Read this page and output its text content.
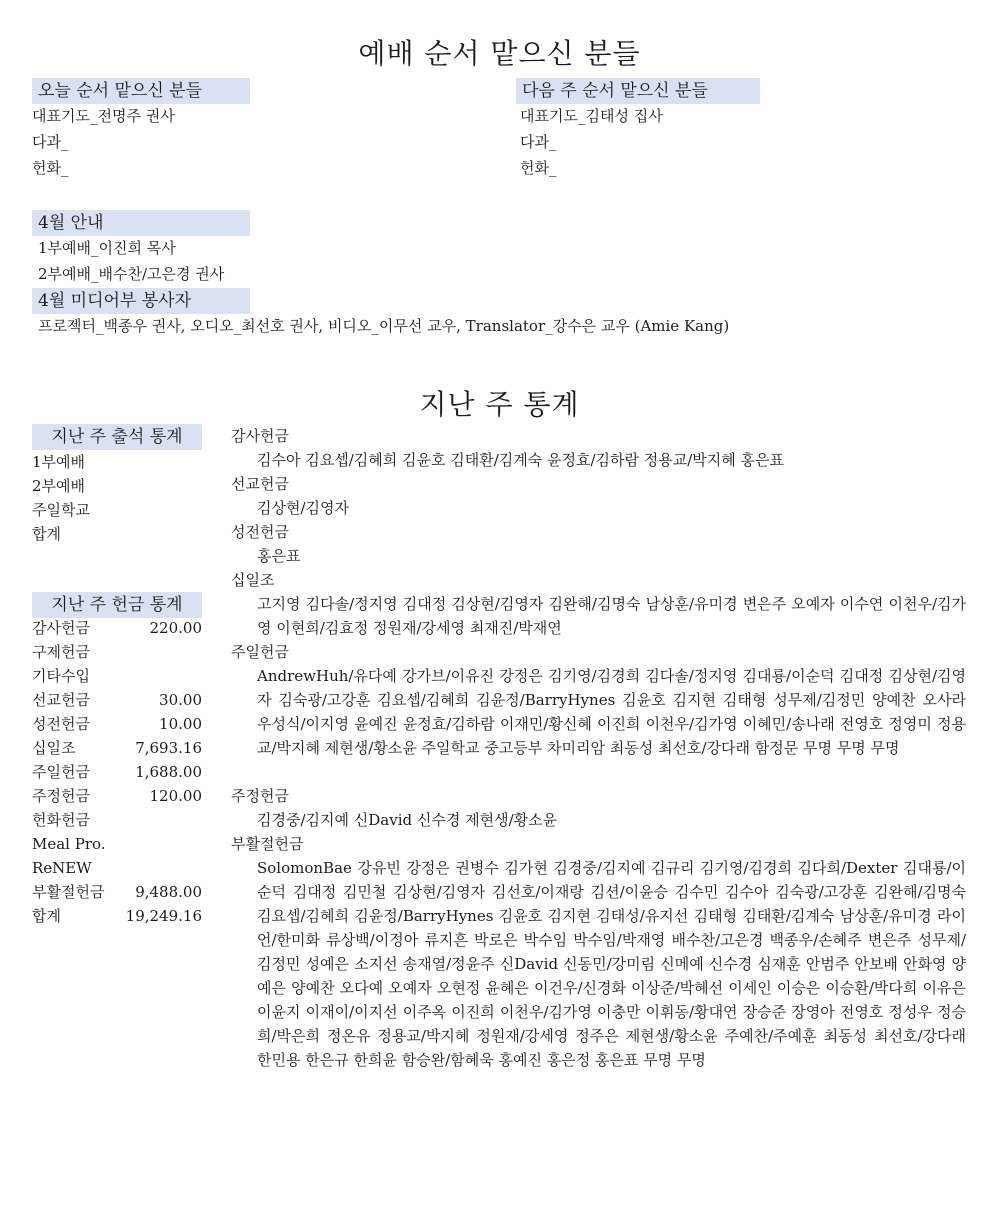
예배 순서 맡으신 분들
오늘 순서 맡으신 분들
대표기도_전명주 권사
다과_
헌화_
다음 주 순서 맡으신 분들
대표기도_김태성 집사
다과_
헌화_
4월 안내
1부예배_이진희 목사
2부예배_배수찬/고은경 권사
4월 미디어부 봉사자
프로젝터_백종우 권사, 오디오_최선호 권사, 비디오_이무선 교우, Translator_강수은 교우 (Amie Kang)
지난 주 통계
지난 주 출석 통계
1부예배
2부예배
주일학교
합계
지난 주 헌금 통계
감사헌금	220.00
구제헌금
기타수입
선교헌금	30.00
성전헌금	10.00
십일조	7,693.16
주일헌금	1,688.00
주정헌금	120.00
헌화헌금
Meal Pro.
ReNEW
부활절헌금 9,488.00
합계	19,249.16
감사헌금
김수아 김요셉/김혜희 김윤호 김태환/김계숙 윤정효/김하람 정용교/박지혜 홍은표
선교헌금
김상현/김영자
성전헌금
홍은표
십일조
고지영 김다솔/정지영 김대정 김상현/김영자 김완해/김명숙 남상훈/유미경 변은주 오예자 이수연 이천우/김가영 이현희/김효정 정원재/강세영 최재진/박재연
주일헌금
AndrewHuh/유다예 강가브/이유진 강정은 김기영/김경희 김다솔/정지영 김대룡/이순덕 김대정 김상현/김영자 김숙광/고강훈 김요셉/김혜희 김윤정/BarryHynes 김윤호 김지현 김태형 성무제/김정민 양예찬 오사라 우성식/이지영 윤예진 윤정효/김하람 이재민/황신혜 이진희 이천우/김가영 이혜민/송나래 전영호 정영미 정용교/박지혜 제현생/황소윤 주일학교 중고등부 차미리암 최동성 최선호/강다래 함정문 무명 무명 무명
주정헌금
김경중/김지예 신David 신수경 제현생/황소윤
부활절헌금
SolomonBae 강유빈 강정은 권병수 김가현 김경중/김지예 김규리 김기영/김경희 김다희/Dexter 김대룡/이순덕 김대정 김민철 김상현/김영자 김선호/이재랑 김션/이윤승 김수민 김수아 김숙광/고강훈 김완해/김명숙 김요셉/김혜희 김윤정/BarryHynes 김윤호 김지현 김태성/유지선 김태형 김태환/김계숙 남상훈/유미경 라이언/한미화 류상백/이정아 류지흔 박로은 박수임 박수임/박재영 배수찬/고은경 백종우/손혜주 변은주 성무제/김정민 성예은 소지선 송재열/정윤주 신David 신동민/강미림 신메예 신수경 심재훈 안범주 안보배 안화영 양예은 양예찬 오다예 오예자 오현정 윤혜은 이건우/신경화 이상준/박혜선 이세인 이승은 이승환/박다희 이유은 이윤지 이재이/이지선 이주옥 이진희 이천우/김가영 이충만 이휘동/황대연 장승준 장영아 전영호 정성우 정승희/박은희 정온유 정용교/박지혜 정원재/강세영 정주은 제현생/황소윤 주예찬/주예훈 최동성 최선호/강다래 한민용 한은규 한희윤 함승완/함혜욱 홍예진 홍은정 홍은표 무명 무명
